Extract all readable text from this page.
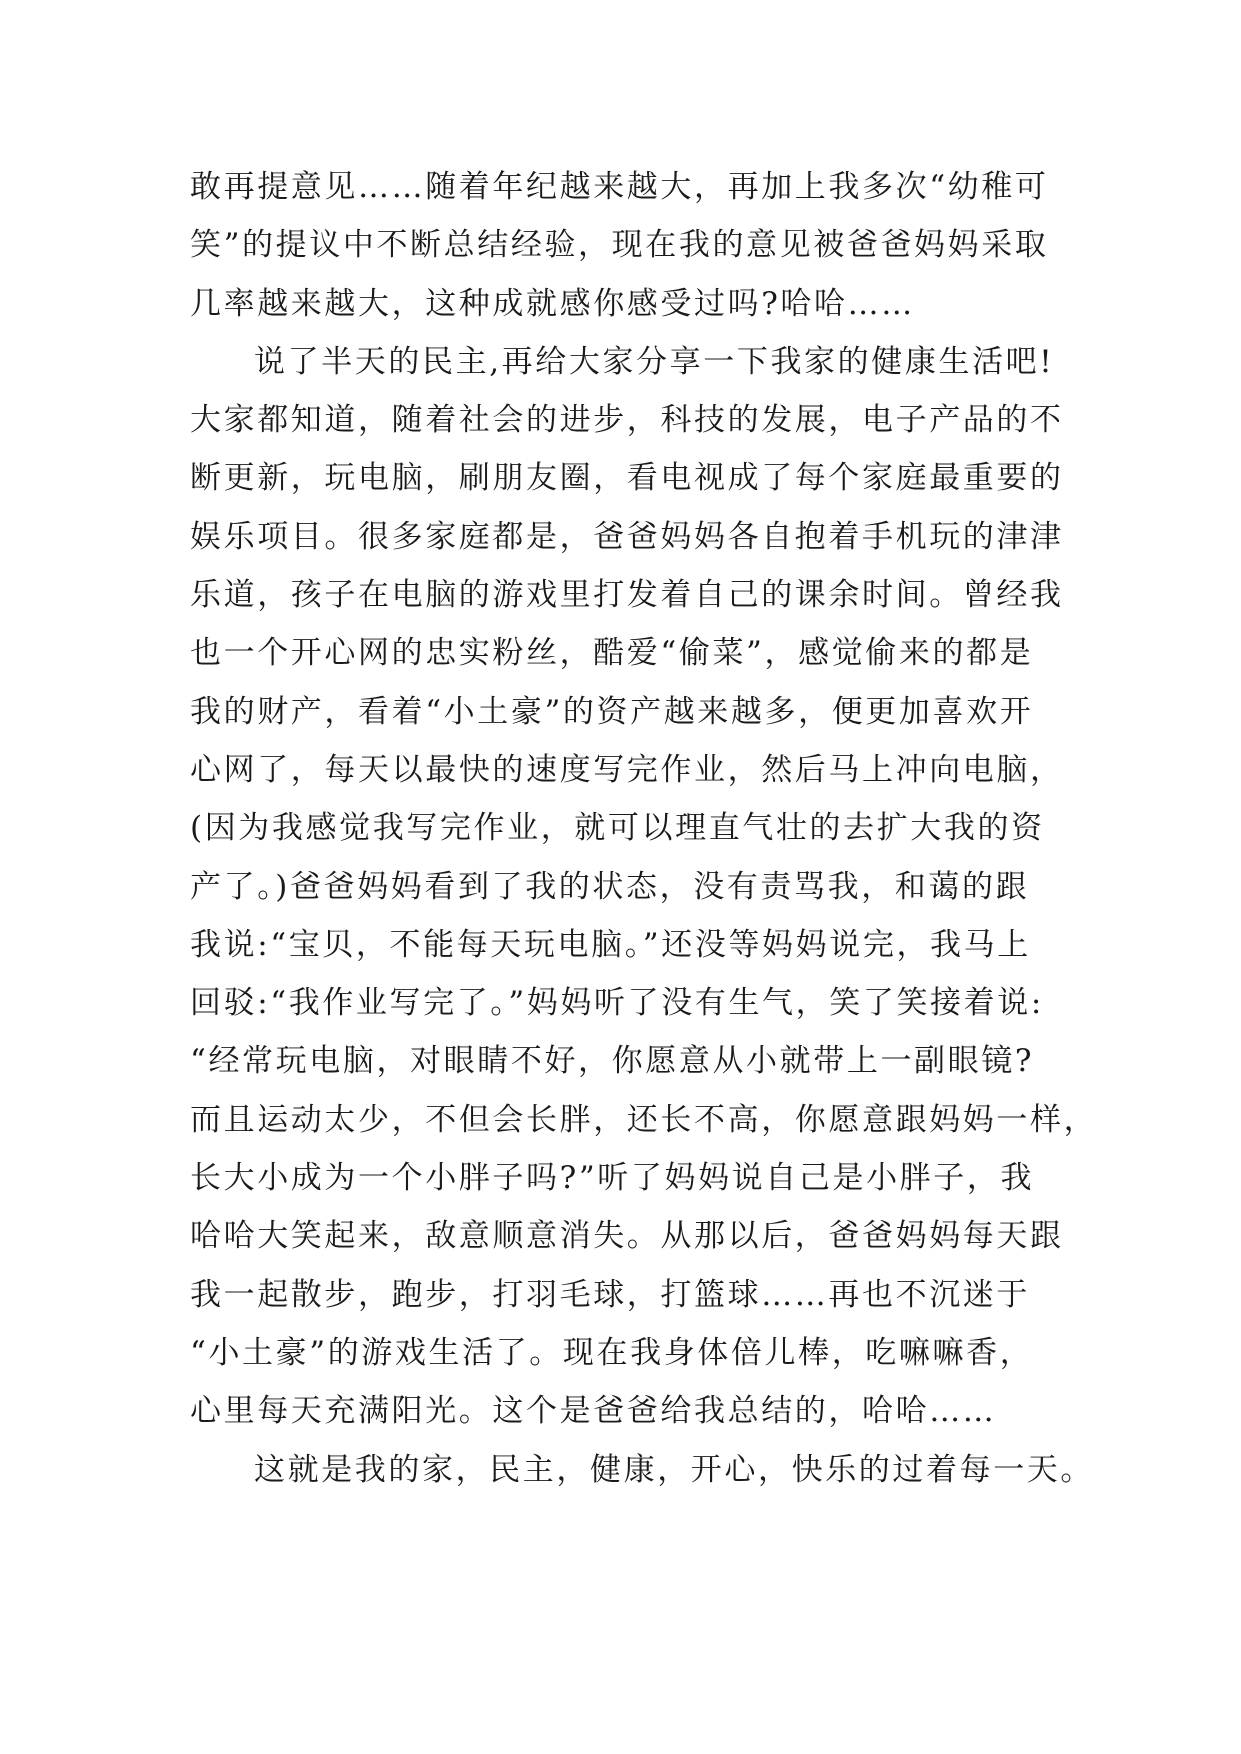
敢再提意见……随着年纪越来越大，再加上我多次“幼稚可
笑”的提议中不断总结经验，现在我的意见被爸爸妈妈采取
几率越来越大，这种成就感你感受过吗?哈哈……
说了半天的民主,再给大家分享一下我家的健康生活吧!
大家都知道，随着社会的进步，科技的发展，电子产品的不
断更新，玩电脑，刷朋友圈，看电视成了每个家庭最重要的
娱乐项目。很多家庭都是，爸爸妈妈各自抱着手机玩的津津
乐道，孩子在电脑的游戏里打发着自己的课余时间。曾经我
也一个开心网的忠实粉丝，酷爱“偷菜”，感觉偷来的都是
我的财产，看着“小土豪”的资产越来越多，便更加喜欢开
心网了，每天以最快的速度写完作业，然后马上冲向电脑，
(因为我感觉我写完作业，就可以理直气壮的去扩大我的资
产了。)爸爸妈妈看到了我的状态，没有责骂我，和蔼的跟
我说:“宝贝，不能每天玩电脑。”还没等妈妈说完，我马上
回驳:“我作业写完了。”妈妈听了没有生气，笑了笑接着说:
“经常玩电脑，对眼睛不好，你愿意从小就带上一副眼镜?
而且运动太少，不但会长胖，还长不高，你愿意跟妈妈一样，
长大小成为一个小胖子吗?”听了妈妈说自己是小胖子，我
哈哈大笑起来，敌意顺意消失。从那以后，爸爸妈妈每天跟
我一起散步，跑步，打羽毛球，打篮球……再也不沉迷于
“小土豪”的游戏生活了。现在我身体倍儿棒，吃嘛嘛香，
心里每天充满阳光。这个是爸爸给我总结的，哈哈……
这就是我的家，民主，健康，开心，快乐的过着每一天。
